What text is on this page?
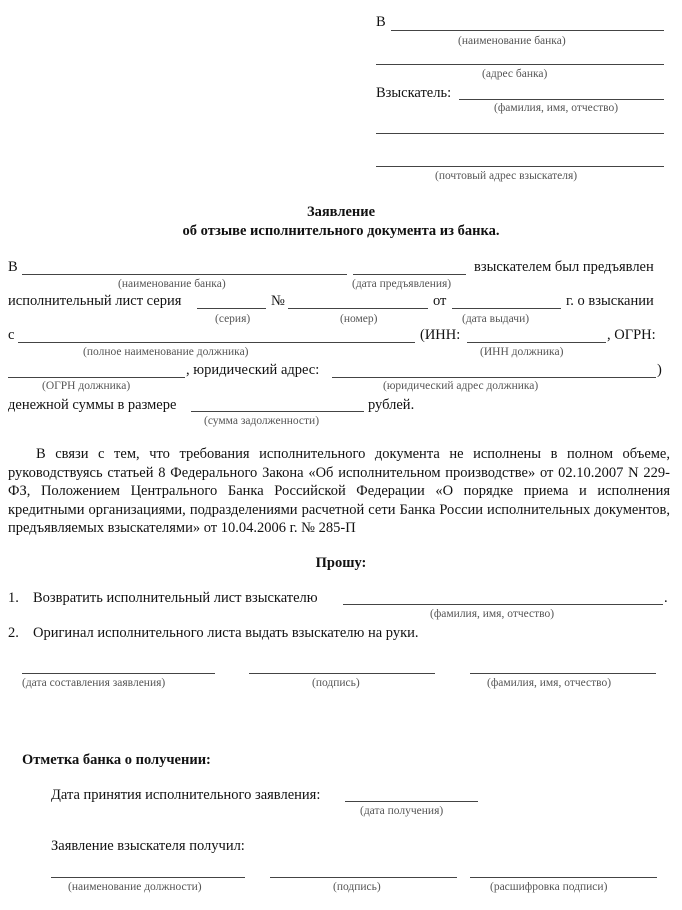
В
(наименование банка)
(адрес банка)
Взыскатель:
(фамилия, имя, отчество)
(почтовый адрес взыскателя)
Заявление
об отзыве исполнительного документа из банка.
В	взыскателем был предъявлен
(наименование банка)	(дата предъявления)
исполнительный лист серия	№	от	г. о взыскании
(серия)	(номер)	(дата выдачи)
с	(ИНН:	, ОГРН:
(полное наименование должника)	(ИНН должника)
, юридический адрес:	)
(ОГРН должника)	(юридический адрес должника)
денежной суммы в размере	рублей.
(сумма задолженности)
В связи с тем, что требования исполнительного документа не исполнены в полном объеме, руководствуясь статьей 8 Федерального Закона «Об исполнительном производстве» от 02.10.2007 N 229-ФЗ, Положением Центрального Банка Российской Федерации «О порядке приема и исполнения кредитными организациями, подразделениями расчетной сети Банка России исполнительных документов, предъявляемых взыскателями» от 10.04.2006 г. № 285-П
Прошу:
1. Возвратить исполнительный лист взыскателю	.
(фамилия, имя, отчество)
2. Оригинал исполнительного листа выдать взыскателю на руки.
(дата составления заявления)	(подпись)	(фамилия, имя, отчество)
Отметка банка о получении:
Дата принятия исполнительного заявления:
(дата получения)
Заявление взыскателя получил:
(наименование должности)	(подпись)	(расшифровка подписи)
